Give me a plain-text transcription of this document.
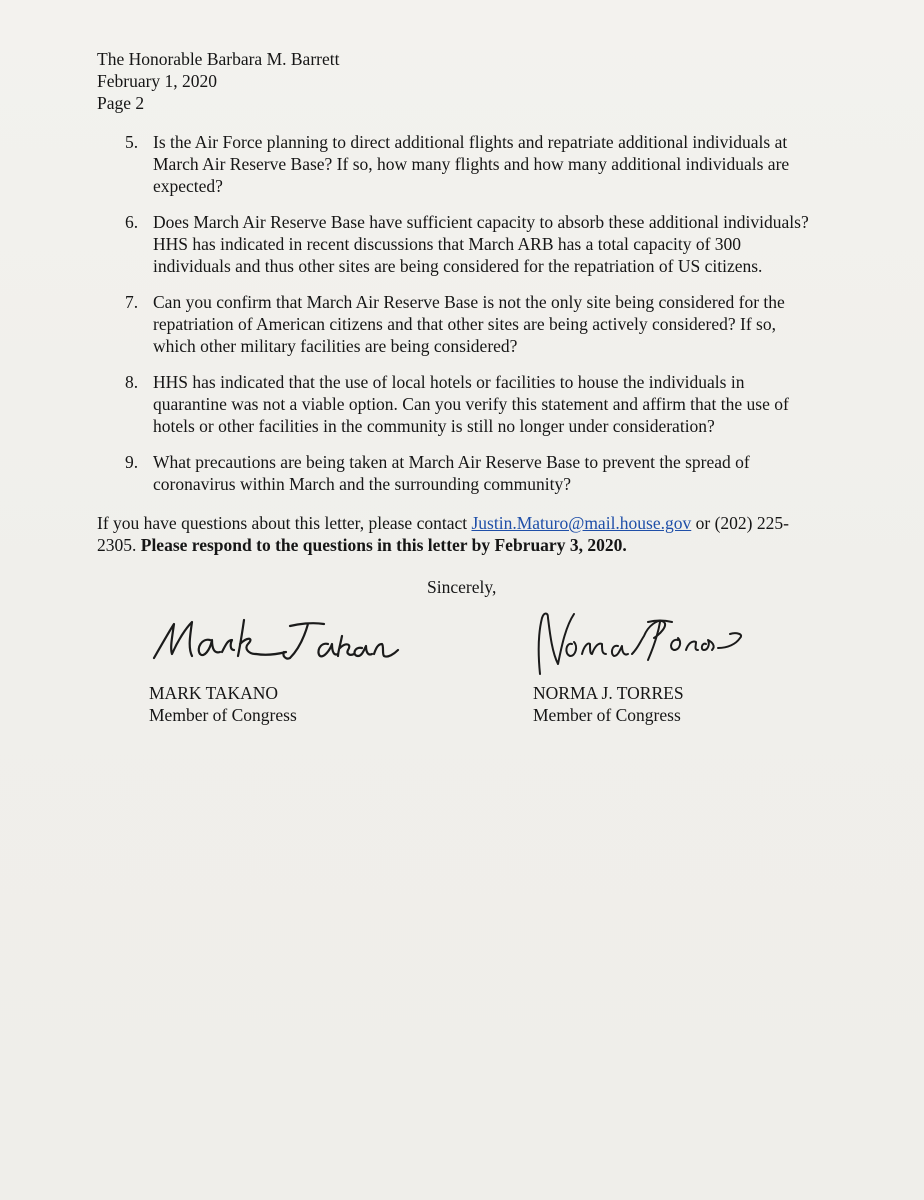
The Honorable Barbara M. Barrett
February 1, 2020
Page 2
5. Is the Air Force planning to direct additional flights and repatriate additional individuals at March Air Reserve Base? If so, how many flights and how many additional individuals are expected?
6. Does March Air Reserve Base have sufficient capacity to absorb these additional individuals? HHS has indicated in recent discussions that March ARB has a total capacity of 300 individuals and thus other sites are being considered for the repatriation of US citizens.
7. Can you confirm that March Air Reserve Base is not the only site being considered for the repatriation of American citizens and that other sites are being actively considered? If so, which other military facilities are being considered?
8. HHS has indicated that the use of local hotels or facilities to house the individuals in quarantine was not a viable option. Can you verify this statement and affirm that the use of hotels or other facilities in the community is still no longer under consideration?
9. What precautions are being taken at March Air Reserve Base to prevent the spread of coronavirus within March and the surrounding community?
If you have questions about this letter, please contact Justin.Maturo@mail.house.gov or (202) 225-2305. Please respond to the questions in this letter by February 3, 2020.
Sincerely,
MARK TAKANO
Member of Congress
NORMA J. TORRES
Member of Congress
